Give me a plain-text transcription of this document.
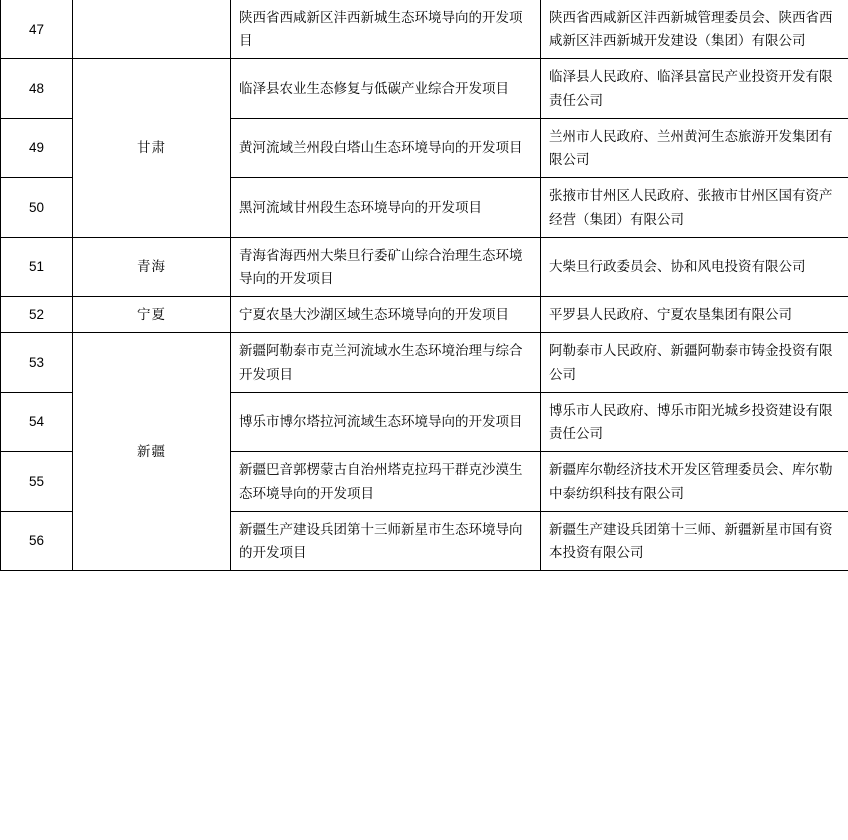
47		陕西省西咸新区沣西新城生态环境导向的开发项目	陕西省西咸新区沣西新城管理委员会、陕西省西咸新区沣西新城开发建设（集团）有限公司
48	甘肃	临泽县农业生态修复与低碳产业综合开发项目	临泽县人民政府、临泽县富民产业投资开发有限责任公司
49		黄河流域兰州段白塔山生态环境导向的开发项目	兰州市人民政府、兰州黄河生态旅游开发集团有限公司
50		黑河流域甘州段生态环境导向的开发项目	张掖市甘州区人民政府、张掖市甘州区国有资产经营（集团）有限公司
51	青海	青海省海西州大柴旦行委矿山综合治理生态环境导向的开发项目	大柴旦行政委员会、协和风电投资有限公司
52	宁夏	宁夏农垦大沙湖区域生态环境导向的开发项目	平罗县人民政府、宁夏农垦集团有限公司
53	新疆	新疆阿勒泰市克兰河流域水生态环境治理与综合开发项目	阿勒泰市人民政府、新疆阿勒泰市铸金投资有限公司
54		博乐市博尔塔拉河流域生态环境导向的开发项目	博乐市人民政府、博乐市阳光城乡投资建设有限责任公司
55		新疆巴音郭楞蒙古自治州塔克拉玛干群克沙漠生态环境导向的开发项目	新疆库尔勒经济技术开发区管理委员会、库尔勒中泰纺织科技有限公司
56		新疆生产建设兵团第十三师新星市生态环境导向的开发项目	新疆生产建设兵团第十三师、新疆新星市国有资本投资有限公司
